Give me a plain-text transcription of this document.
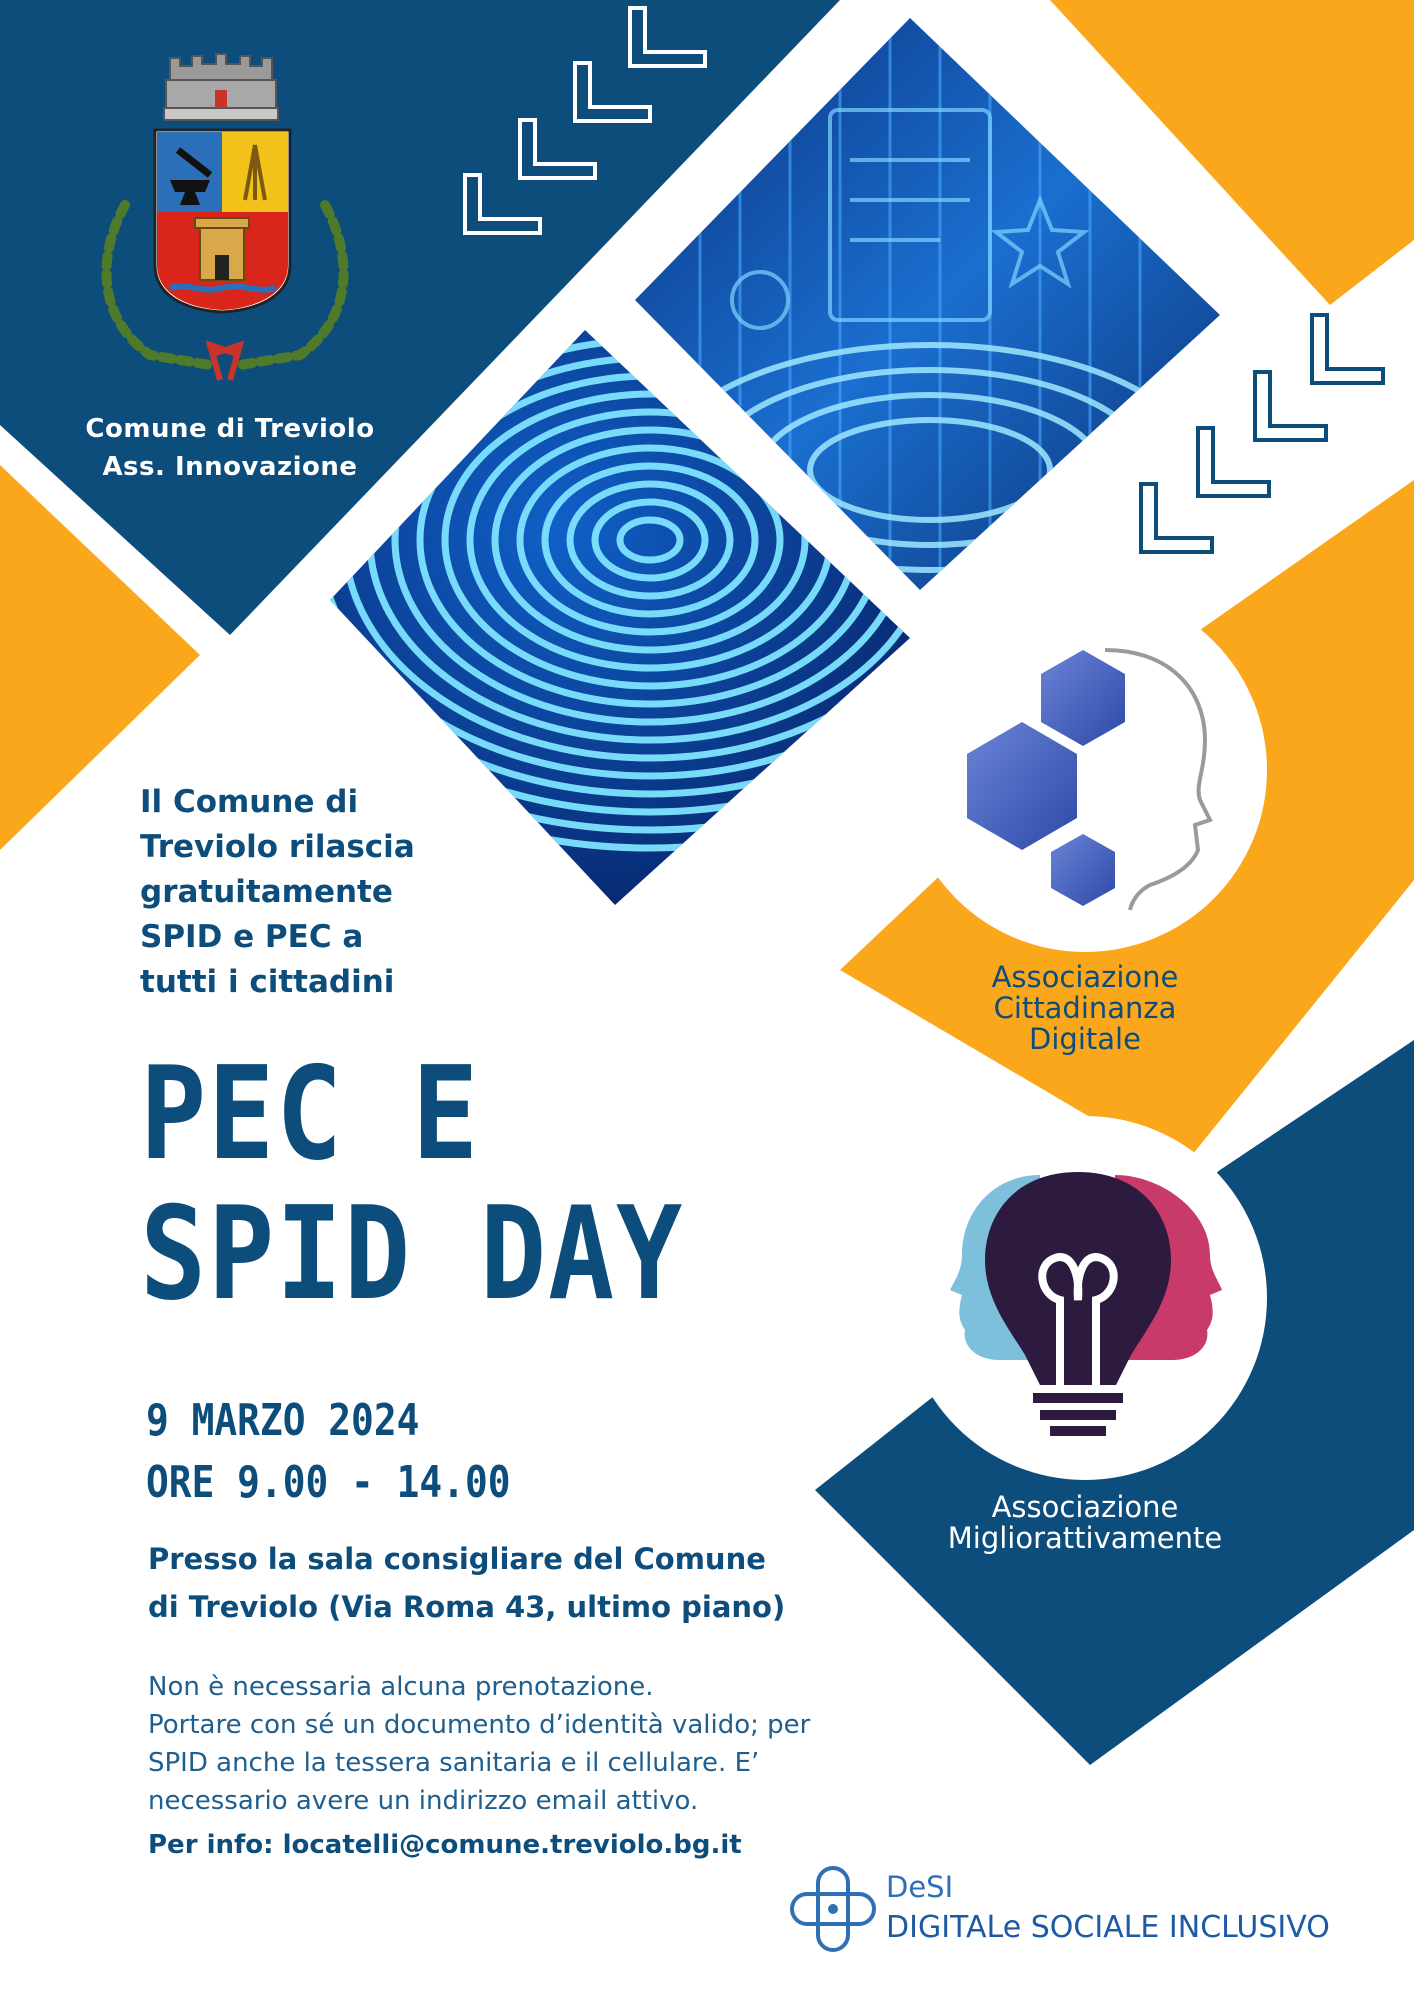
Comune di Treviolo
Ass. Innovazione
Il Comune di
Treviolo rilascia
gratuitamente
SPID e PEC a
tutti i cittadini
PEC E
SPID DAY
9 MARZO 2024
ORE 9.00 - 14.00
Presso la sala consigliare del Comune
di Treviolo (Via Roma 43, ultimo piano)
Non è necessaria alcuna prenotazione.
Portare con sé un documento d’identità valido; per
SPID anche la tessera sanitaria e il cellulare. E’
necessario avere un indirizzo email attivo.
Per info: locatelli@comune.treviolo.bg.it
Associazione
Cittadinanza
Digitale
Associazione
Migliorattivamente
DeSI
DIGITALe SOCIALE INCLUSIVO
